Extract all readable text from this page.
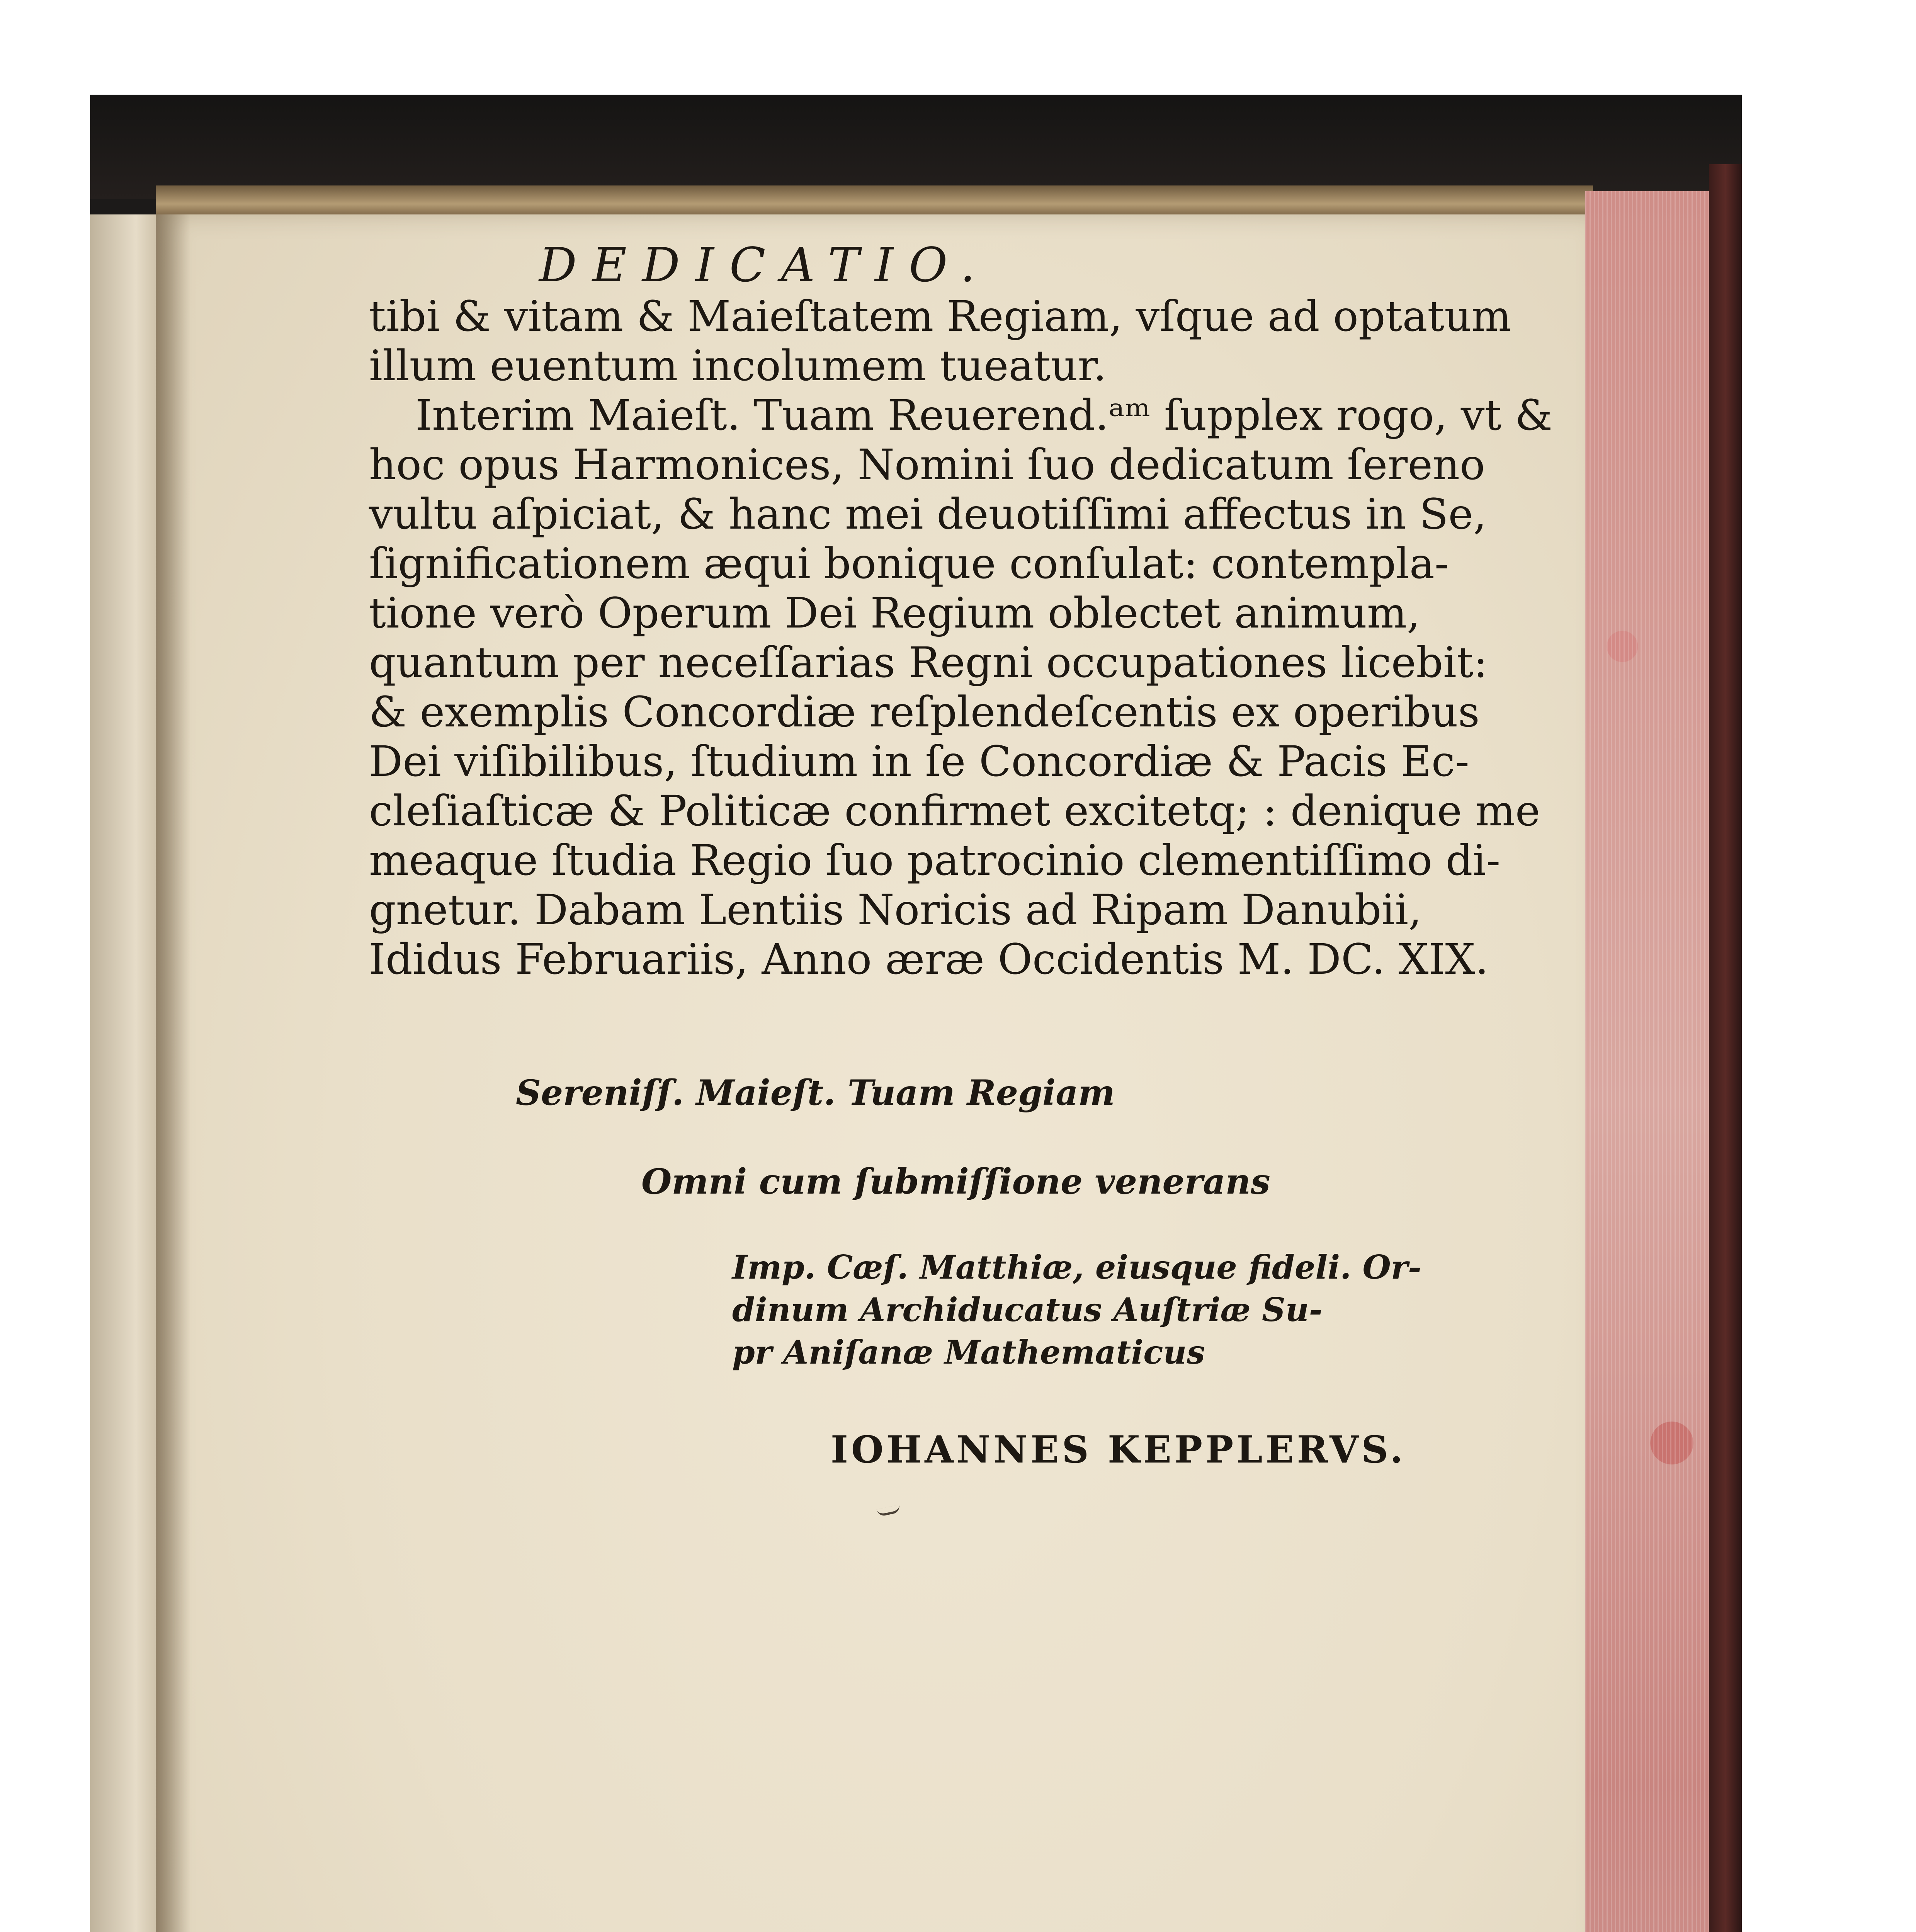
DEDICATIO.
tibi & vitam & Maieſtatem Regiam, vſque ad optatum
illum euentum incolumem tueatur.
Interim Maieſt. Tuam Reuerend.ᵃᵐ ſupplex rogo, vt &
hoc opus Harmonices, Nomini ſuo dedicatum ſereno
vultu aſpiciat, & hanc mei deuotiſſimi affectus in Se,
ſignificationem æqui bonique conſulat: contempla-
tione verò Operum Dei Regium oblectet animum,
quantum per neceſſarias Regni occupationes licebit:
& exemplis Concordiæ reſplendeſcentis ex operibus
Dei viſibilibus, ſtudium in ſe Concordiæ & Pacis Ec-
cleſiaſticæ & Politicæ confirmet excitetq; : denique me
meaque ſtudia Regio ſuo patrocinio clementiſſimo di-
gnetur. Dabam Lentiis Noricis ad Ripam Danubii,
Ididus Februariis, Anno æræ Occidentis M. DC. XIX.
Sereniſſ. Maieſt. Tuam Regiam
Omni cum ſubmiſſione venerans
Imp. Cæſ. Matthiæ, eiusque fideli. Or-
dinum Archiducatus Auſtriæ Su-
pr Aniſanæ Mathematicus
IOHANNES KEPPLERVS.
